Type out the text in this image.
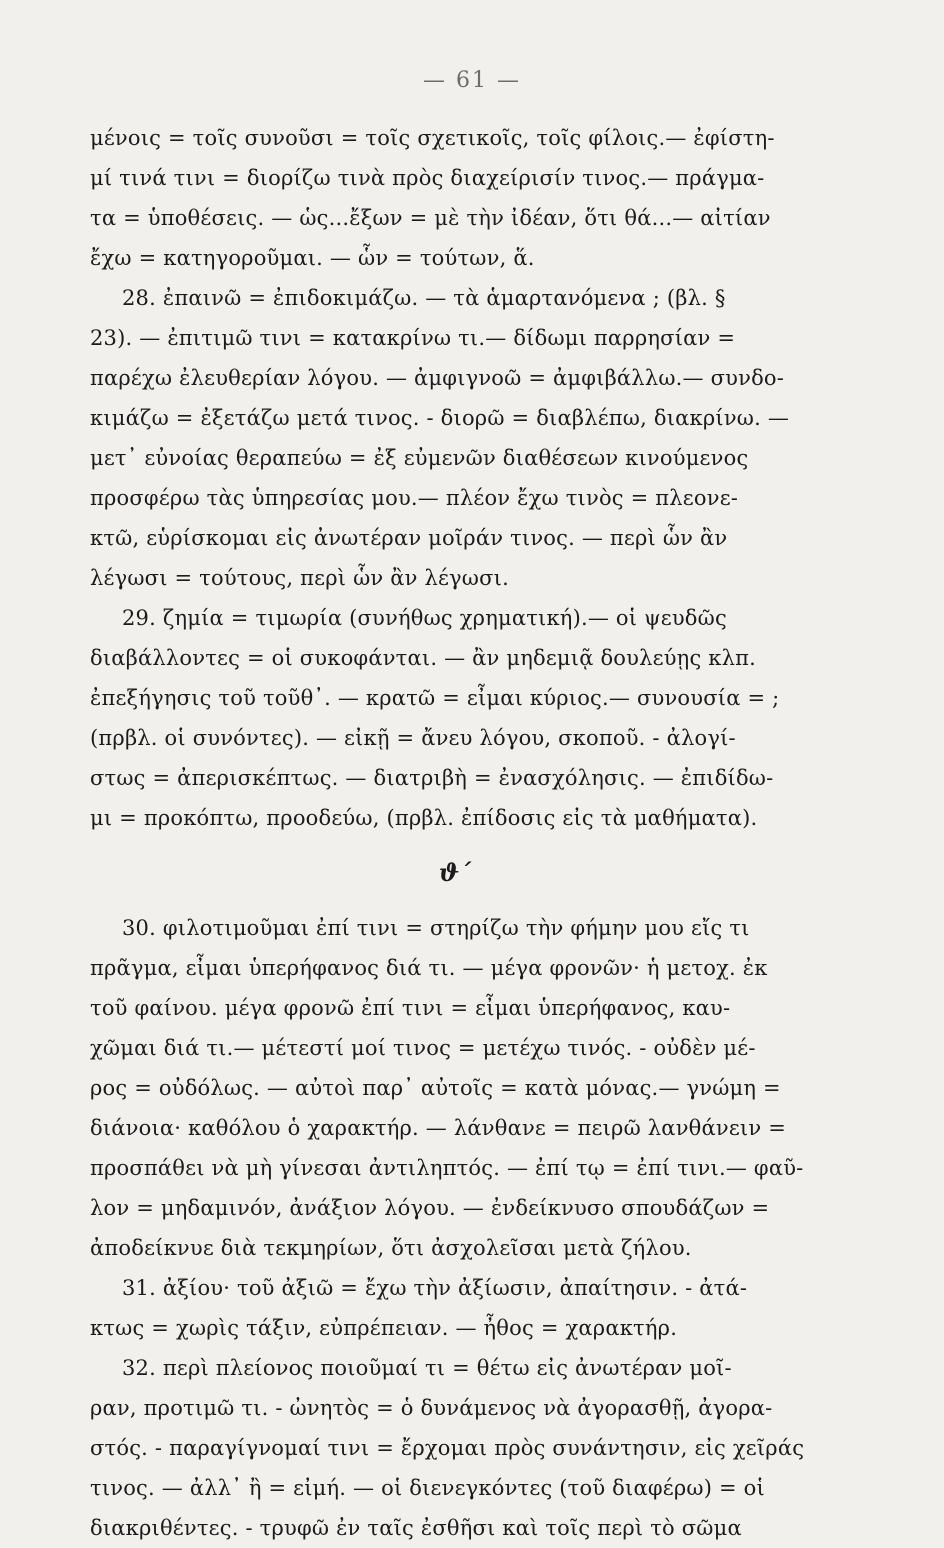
— 61 —
μένοις = τοῖς συνοῦσι = τοῖς σχετικοῖς, τοῖς φίλοις.— ἐφίστη-
μί τινά τινι = διορίζω τινὰ πρὸς διαχείρισίν τινος.— πράγμα-
τα = ὑποθέσεις. — ὡς...ἔξων = μὲ τὴν ἰδέαν, ὅτι θά...— αἰτίαν
ἔχω = κατηγοροῦμαι. — ὧν = τούτων, ἅ.
28. ἐπαινῶ = ἐπιδοκιμάζω. — τὰ ἁμαρτανόμενα ; (βλ. §
23). — ἐπιτιμῶ τινι = κατακρίνω τι.— δίδωμι παρρησίαν =
παρέχω ἐλευθερίαν λόγου. — ἀμφιγνοῶ = ἀμφιβάλλω.— συνδο-
κιμάζω = ἐξετάζω μετά τινος. - διορῶ = διαβλέπω, διακρίνω. —
μετ᾽ εὐνοίας θεραπεύω = ἐξ εὐμενῶν διαθέσεων κινούμενος
προσφέρω τὰς ὑπηρεσίας μου.— πλέον ἔχω τινὸς = πλεονε-
κτῶ, εὑρίσκομαι εἰς ἀνωτέραν μοῖράν τινος. — περὶ ὧν ἂν
λέγωσι = τούτους, περὶ ὧν ἂν λέγωσι.
29. ζημία = τιμωρία (συνήθως χρηματική).— οἱ ψευδῶς
διαβάλλοντες = οἱ συκοφάνται. — ἂν μηδεμιᾷ δουλεύῃς κλπ.
ἐπεξήγησις τοῦ τοῦθ᾽. — κρατῶ = εἶμαι κύριος.— συνουσία = ;
(πρβλ. οἱ συνόντες). — εἰκῇ = ἄνευ λόγου, σκοποῦ. - ἀλογί-
στως = ἀπερισκέπτως. — διατριβὴ = ἐνασχόλησις. — ἐπιδίδω-
μι = προκόπτω, προοδεύω, (πρβλ. ἐπίδοσις εἰς τὰ μαθήματα).
ϑ΄
30. φιλοτιμοῦμαι ἐπί τινι = στηρίζω τὴν φήμην μου εἴς τι
πρᾶγμα, εἶμαι ὑπερήφανος διά τι. — μέγα φρονῶν· ἡ μετοχ. ἐκ
τοῦ φαίνου. μέγα φρονῶ ἐπί τινι = εἶμαι ὑπερήφανος, καυ-
χῶμαι διά τι.— μέτεστί μοί τινος = μετέχω τινός. - οὐδὲν μέ-
ρος = οὐδόλως. — αὐτοὶ παρ᾽ αὐτοῖς = κατὰ μόνας.— γνώμη =
διάνοια· καθόλου ὁ χαρακτήρ. — λάνθανε = πειρῶ λανθάνειν =
προσπάθει νὰ μὴ γίνεσαι ἀντιληπτός. — ἐπί τῳ = ἐπί τινι.— φαῦ-
λον = μηδαμινόν, ἀνάξιον λόγου. — ἐνδείκνυσο σπουδάζων =
ἀποδείκνυε διὰ τεκμηρίων, ὅτι ἀσχολεῖσαι μετὰ ζήλου.
31. ἀξίου· τοῦ ἀξιῶ = ἔχω τὴν ἀξίωσιν, ἀπαίτησιν. - ἀτά-
κτως = χωρὶς τάξιν, εὐπρέπειαν. — ἦθος = χαρακτήρ.
32. περὶ πλείονος ποιοῦμαί τι = θέτω εἰς ἀνωτέραν μοῖ-
ραν, προτιμῶ τι. - ὠνητὸς = ὁ δυνάμενος νὰ ἀγορασθῇ, ἀγορα-
στός. - παραγίγνομαί τινι = ἔρχομαι πρὸς συνάντησιν, εἰς χεῖράς
τινος. — ἀλλ᾽ ἢ = εἰμή. — οἱ διενεγκόντες (τοῦ διαφέρω) = οἱ
διακριθέντες. - τρυφῶ ἐν ταῖς ἐσθῆσι καὶ τοῖς περὶ τὸ σῶμα
